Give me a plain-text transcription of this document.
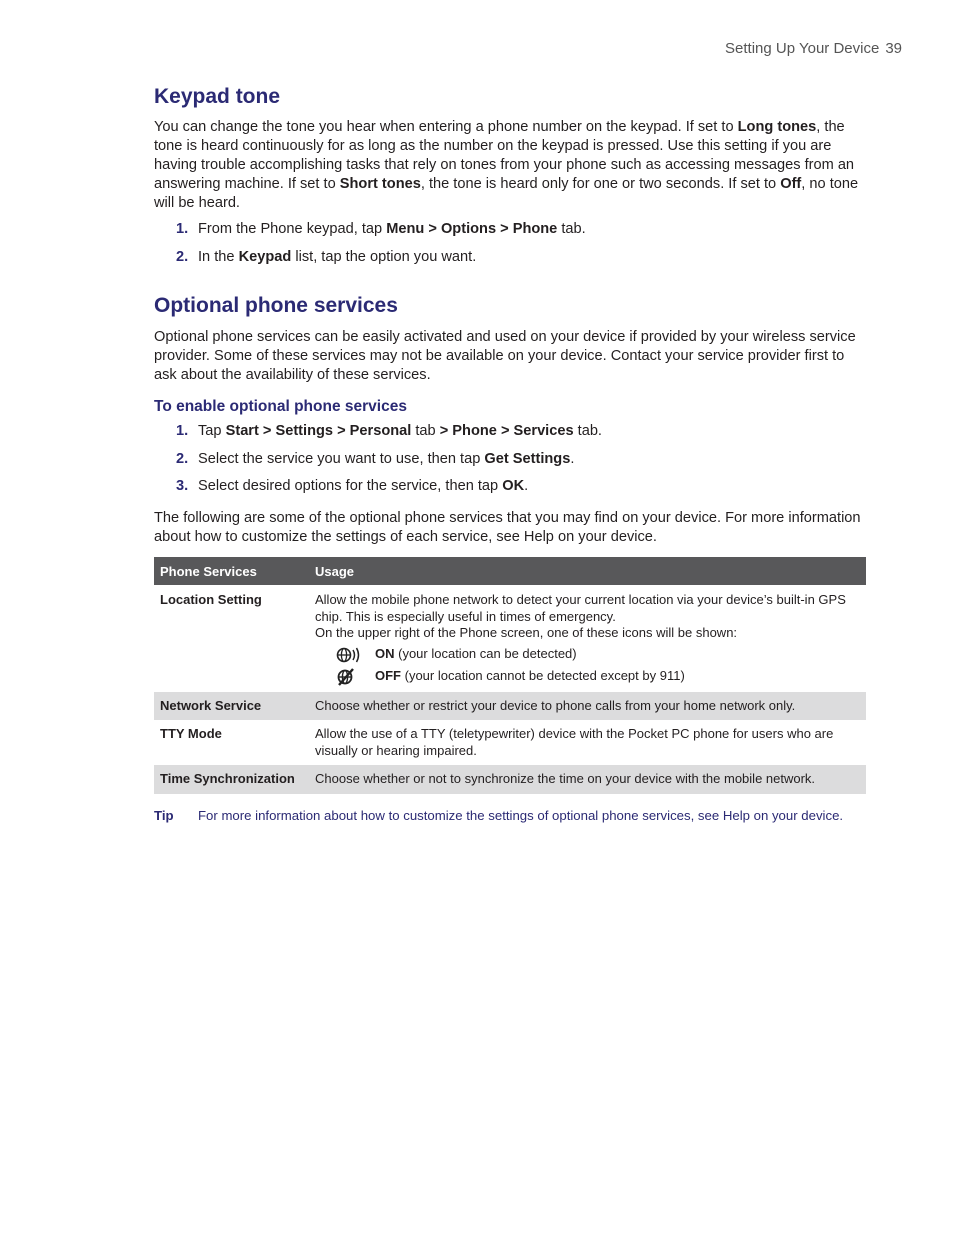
Setting Up Your Device 39
Keypad tone

You can change the tone you hear when entering a phone number on the keypad. If set to Long tones, the tone is heard continuously for as long as the number on the keypad is pressed. Use this setting if you are having trouble accomplishing tasks that rely on tones from your phone such as accessing messages from an answering machine. If set to Short tones, the tone is heard only for one or two seconds. If set to Off, no tone will be heard.

1. From the Phone keypad, tap Menu > Options > Phone tab.
2. In the Keypad list, tap the option you want.
Optional phone services

Optional phone services can be easily activated and used on your device if provided by your wireless service provider. Some of these services may not be available on your device. Contact your service provider first to ask about the availability of these services.

To enable optional phone services
1. Tap Start > Settings > Personal tab > Phone > Services tab.
2. Select the service you want to use, then tap Get Settings.
3. Select desired options for the service, then tap OK.

The following are some of the optional phone services that you may find on your device. For more information about how to customize the settings of each service, see Help on your device.

Phone Services	Usage
Location Setting	Allow the mobile phone network to detect your current location via your device’s built-in GPS chip. This is especially useful in times of emergency.
On the upper right of the Phone screen, one of these icons will be shown:
ON (your location can be detected)
OFF (your location cannot be detected except by 911)

Network Service	Choose whether or restrict your device to phone calls from your home network only.
TTY Mode	Allow the use of a TTY (teletypewriter) device with the Pocket PC phone for users who are visually or hearing impaired.
Time Synchronization	Choose whether or not to synchronize the time on your device with the mobile network.
Tip For more information about how to customize the settings of optional phone services, see Help on your device.
